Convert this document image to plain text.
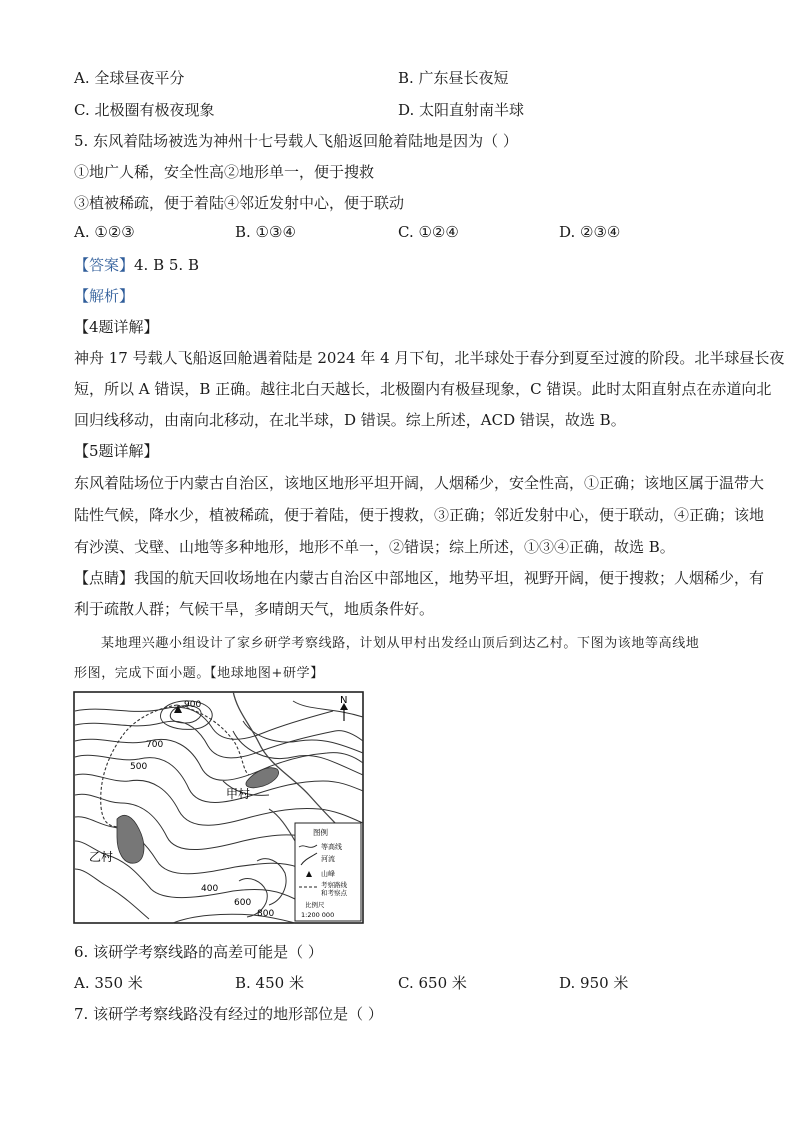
A. 全球昼夜平分	B. 广东昼长夜短
C. 北极圈有极夜现象	D. 太阳直射南半球
5. 东风着陆场被选为神州十七号载人飞船返回舱着陆地是因为（ ）
①地广人稀，安全性高②地形单一，便于搜救
③植被稀疏，便于着陆④邻近发射中心，便于联动
A. ①②③	B. ①③④	C. ①②④	D. ②③④
【答案】4. B 5. B
【解析】
【4题详解】
神舟 17 号载人飞船返回舱遇着陆是 2024 年 4 月下旬，北半球处于春分到夏至过渡的阶段。北半球昼长夜
短，所以 A 错误，B 正确。越往北白天越长，北极圈内有极昼现象，C 错误。此时太阳直射点在赤道向北
回归线移动，由南向北移动，在北半球，D 错误。综上所述，ACD 错误，故选 B。
【5题详解】
东风着陆场位于内蒙古自治区，该地区地形平坦开阔，人烟稀少，安全性高，①正确；该地区属于温带大
陆性气候，降水少，植被稀疏，便于着陆，便于搜救，③正确；邻近发射中心，便于联动，④正确；该地
有沙漠、戈壁、山地等多种地形，地形不单一，②错误；综上所述，①③④正确，故选 B。
【点睛】我国的航天回收场地在内蒙古自治区中部地区，地势平坦，视野开阔，便于搜救；人烟稀少，有
利于疏散人群；气候干旱，多晴朗天气，地质条件好。
某地理兴趣小组设计了家乡研学考察线路，计划从甲村出发经山顶后到达乙村。下图为该地等高线地
形图，完成下面小题。【地球地图+研学】
N
900
700
500
400
600
800
甲村
乙村
图例
等高线
河流
山峰
考察路线
和考察点
比例尺
1:200 000
6. 该研学考察线路的高差可能是（ ）
A. 350 米	B. 450 米	C. 650 米	D. 950 米
7. 该研学考察线路没有经过的地形部位是（ ）
